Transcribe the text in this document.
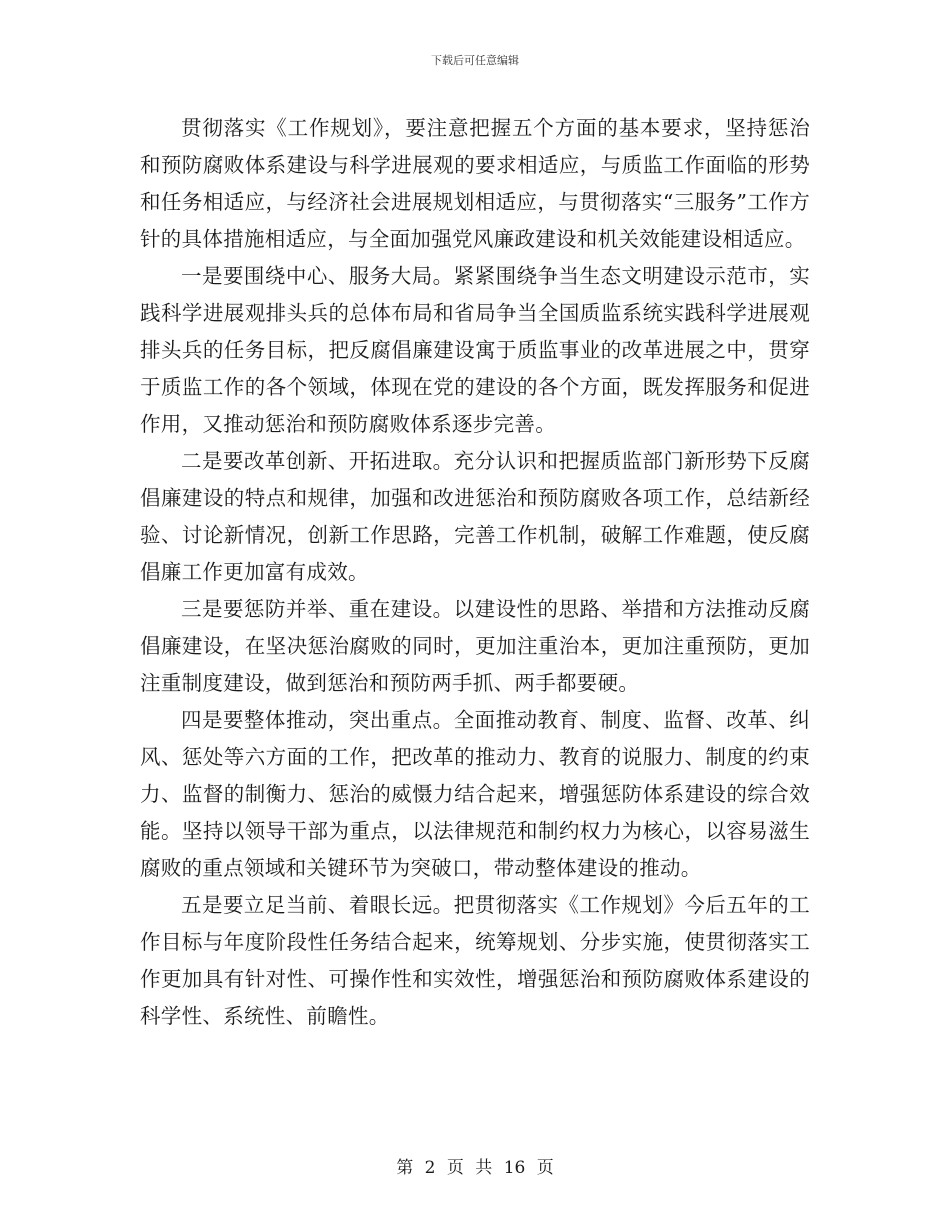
下载后可任意编辑

贯彻落实《工作规划》，要注意把握五个方面的基本要求，坚持惩治和预防腐败体系建设与科学进展观的要求相适应，与质监工作面临的形势和任务相适应，与经济社会进展规划相适应，与贯彻落实“三服务”工作方针的具体措施相适应，与全面加强党风廉政建设和机关效能建设相适应。

一是要围绕中心、服务大局。紧紧围绕争当生态文明建设示范市，实践科学进展观排头兵的总体布局和省局争当全国质监系统实践科学进展观排头兵的任务目标，把反腐倡廉建设寓于质监事业的改革进展之中，贯穿于质监工作的各个领域，体现在党的建设的各个方面，既发挥服务和促进作用，又推动惩治和预防腐败体系逐步完善。

二是要改革创新、开拓进取。充分认识和把握质监部门新形势下反腐倡廉建设的特点和规律，加强和改进惩治和预防腐败各项工作，总结新经验、讨论新情况，创新工作思路，完善工作机制，破解工作难题，使反腐倡廉工作更加富有成效。

三是要惩防并举、重在建设。以建设性的思路、举措和方法推动反腐倡廉建设，在坚决惩治腐败的同时，更加注重治本，更加注重预防，更加注重制度建设，做到惩治和预防两手抓、两手都要硬。

四是要整体推动，突出重点。全面推动教育、制度、监督、改革、纠风、惩处等六方面的工作，把改革的推动力、教育的说服力、制度的约束力、监督的制衡力、惩治的威慑力结合起来，增强惩防体系建设的综合效能。坚持以领导干部为重点，以法律规范和制约权力为核心，以容易滋生腐败的重点领域和关键环节为突破口，带动整体建设的推动。

五是要立足当前、着眼长远。把贯彻落实《工作规划》今后五年的工作目标与年度阶段性任务结合起来，统筹规划、分步实施，使贯彻落实工作更加具有针对性、可操作性和实效性，增强惩治和预防腐败体系建设的科学性、系统性、前瞻性。

第 2 页 共 16 页
